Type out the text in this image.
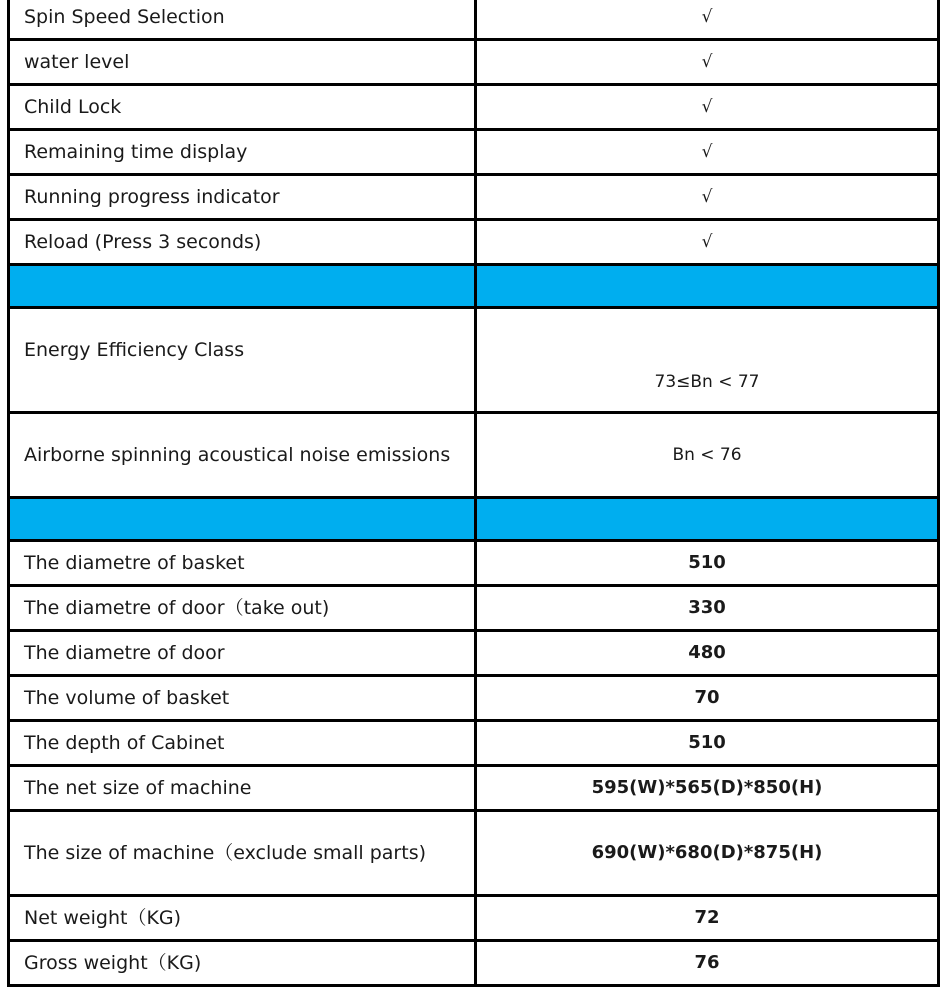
Spin Speed Selection	√
water level	√
Child Lock	√
Remaining time display	√
Running progress indicator	√
Reload (Press 3 seconds)	√

Energy Efficiency Class	73≤Bn < 77
Airborne spinning acoustical noise emissions	Bn < 76

The diametre of basket	510
The diametre of door（take out)	330
The diametre of door	480
The volume of basket	70
The depth of Cabinet	510
The net size of machine	595(W)*565(D)*850(H)
The size of machine（exclude small parts)	690(W)*680(D)*875(H)
Net weight（KG)	72
Gross weight（KG)	76
